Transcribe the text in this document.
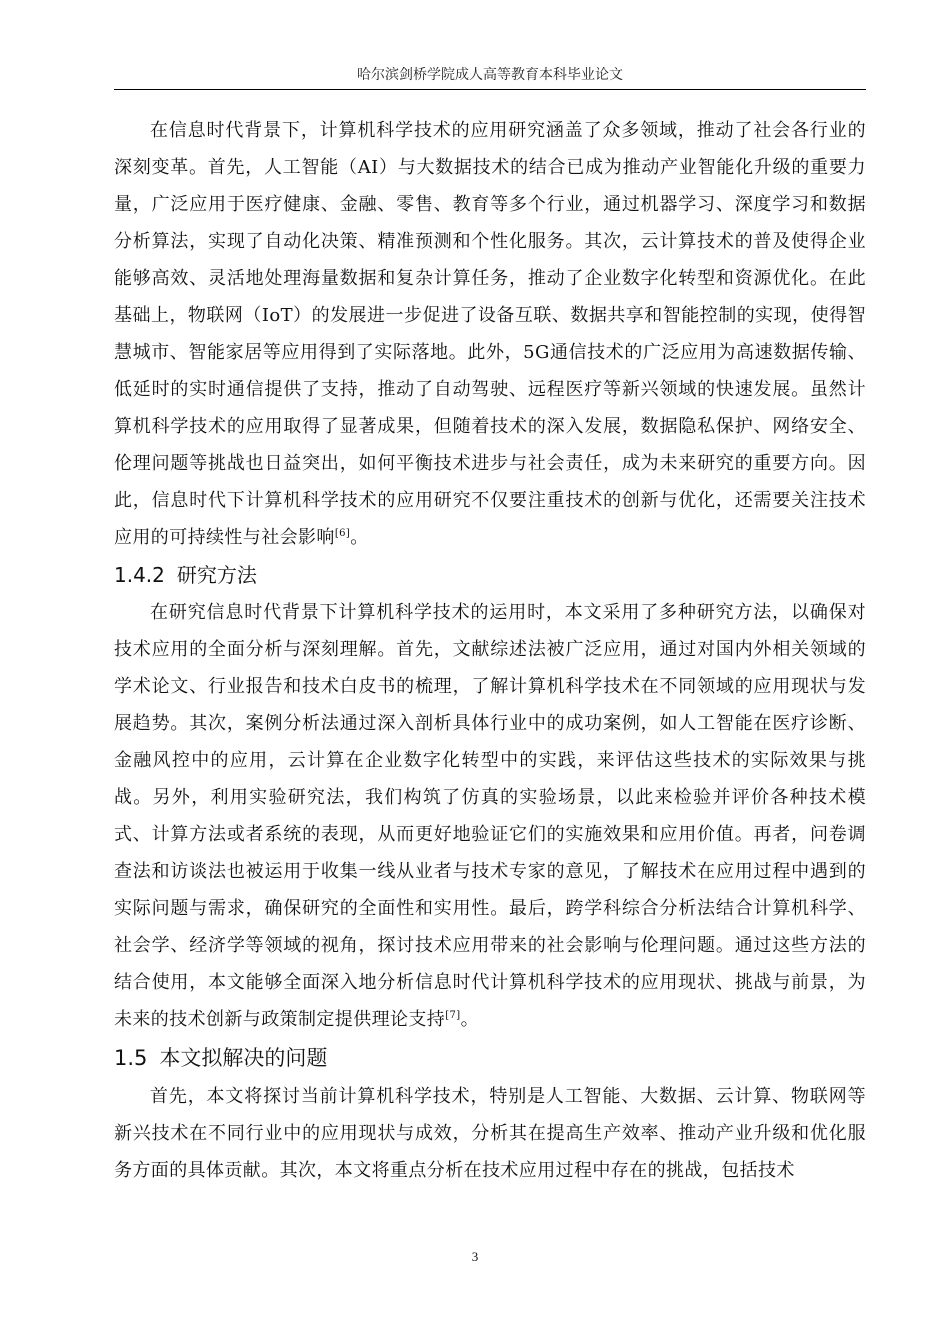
哈尔滨剑桥学院成人高等教育本科毕业论文

在信息时代背景下，计算机科学技术的应用研究涵盖了众多领域，推动了社会各行业的深刻变革。首先，人工智能（AI）与大数据技术的结合已成为推动产业智能化升级的重要力量，广泛应用于医疗健康、金融、零售、教育等多个行业，通过机器学习、深度学习和数据分析算法，实现了自动化决策、精准预测和个性化服务。其次，云计算技术的普及使得企业能够高效、灵活地处理海量数据和复杂计算任务，推动了企业数字化转型和资源优化。在此基础上，物联网（IoT）的发展进一步促进了设备互联、数据共享和智能控制的实现，使得智慧城市、智能家居等应用得到了实际落地。此外，5G通信技术的广泛应用为高速数据传输、低延时的实时通信提供了支持，推动了自动驾驶、远程医疗等新兴领域的快速发展。虽然计算机科学技术的应用取得了显著成果，但随着技术的深入发展，数据隐私保护、网络安全、伦理问题等挑战也日益突出，如何平衡技术进步与社会责任，成为未来研究的重要方向。因此，信息时代下计算机科学技术的应用研究不仅要注重技术的创新与优化，还需要关注技术应用的可持续性与社会影响[6]。

1.4.2 研究方法

在研究信息时代背景下计算机科学技术的运用时，本文采用了多种研究方法，以确保对技术应用的全面分析与深刻理解。首先，文献综述法被广泛应用，通过对国内外相关领域的学术论文、行业报告和技术白皮书的梳理，了解计算机科学技术在不同领域的应用现状与发展趋势。其次，案例分析法通过深入剖析具体行业中的成功案例，如人工智能在医疗诊断、金融风控中的应用，云计算在企业数字化转型中的实践，来评估这些技术的实际效果与挑战。另外，利用实验研究法，我们构筑了仿真的实验场景，以此来检验并评价各种技术模式、计算方法或者系统的表现，从而更好地验证它们的实施效果和应用价值。再者，问卷调查法和访谈法也被运用于收集一线从业者与技术专家的意见，了解技术在应用过程中遇到的实际问题与需求，确保研究的全面性和实用性。最后，跨学科综合分析法结合计算机科学、社会学、经济学等领域的视角，探讨技术应用带来的社会影响与伦理问题。通过这些方法的结合使用，本文能够全面深入地分析信息时代计算机科学技术的应用现状、挑战与前景，为未来的技术创新与政策制定提供理论支持[7]。

1.5 本文拟解决的问题

首先，本文将探讨当前计算机科学技术，特别是人工智能、大数据、云计算、物联网等新兴技术在不同行业中的应用现状与成效，分析其在提高生产效率、推动产业升级和优化服务方面的具体贡献。其次，本文将重点分析在技术应用过程中存在的挑战，包括技术

3
